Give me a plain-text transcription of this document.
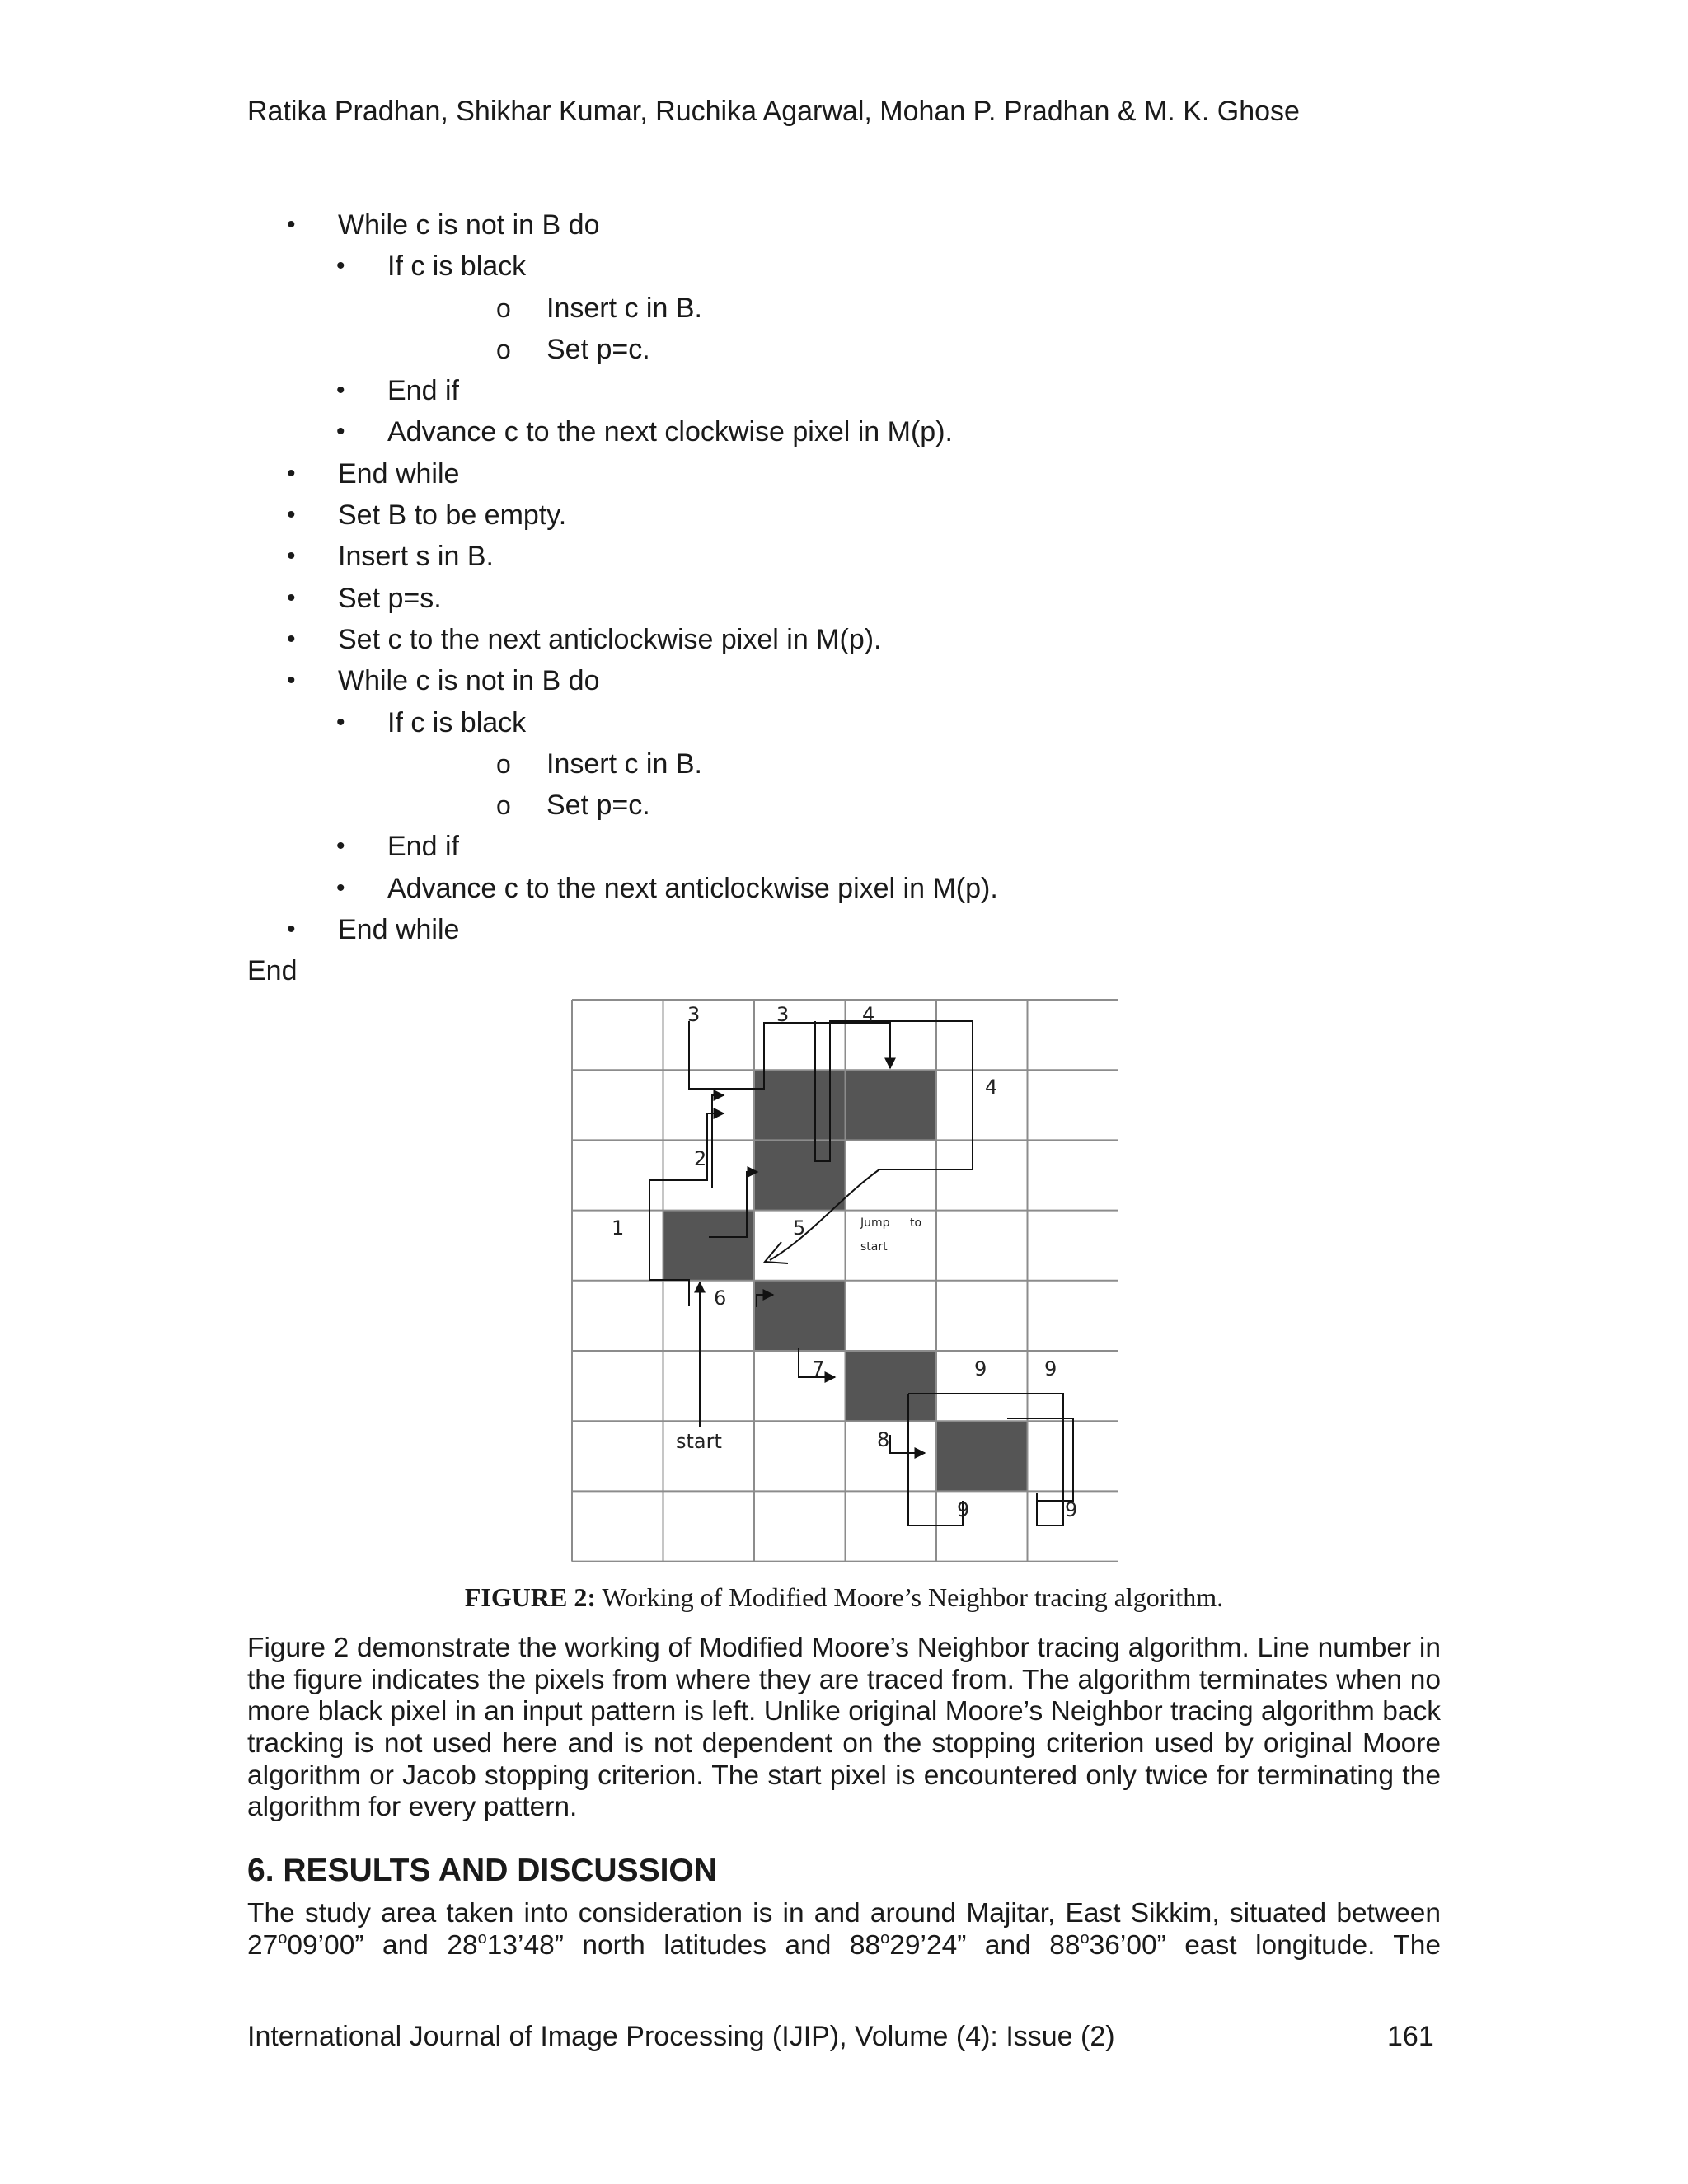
Ratika Pradhan, Shikhar Kumar, Ruchika Agarwal, Mohan P. Pradhan & M. K. Ghose
• While c is not in B do
• If c is black
o Insert c in B.
o Set p=c.
• End if
• Advance c to the next clockwise pixel in M(p).
• End while
• Set B to be empty.
• Insert s in B.
• Set p=s.
• Set c to the next anticlockwise pixel in M(p).
• While c is not in B do
• If c is black
o Insert c in B.
o Set p=c.
• End if
• Advance c to the next anticlockwise pixel in M(p).
• End while
End
3	3	4
4
2
1	5
6
7
8
9	9
9	9
start
Jump to
start
FIGURE 2: Working of Modified Moore’s Neighbor tracing algorithm.
Figure 2 demonstrate the working of Modified Moore’s Neighbor tracing algorithm. Line number in
the figure indicates the pixels from where they are traced from. The algorithm terminates when no
more black pixel in an input pattern is left. Unlike original Moore’s Neighbor tracing algorithm back
tracking is not used here and is not dependent on the stopping criterion used by original Moore
algorithm or Jacob stopping criterion. The start pixel is encountered only twice for terminating the
algorithm for every pattern.
6. RESULTS AND DISCUSSION
The study area taken into consideration is in and around Majitar, East Sikkim, situated between
27$^o$09’00” and 28$^o$13’48” north latitudes and 88$^o$29’24” and 88$^o$36’00” east longitude. The
International Journal of Image Processing (IJIP), Volume (4): Issue (2)	161
